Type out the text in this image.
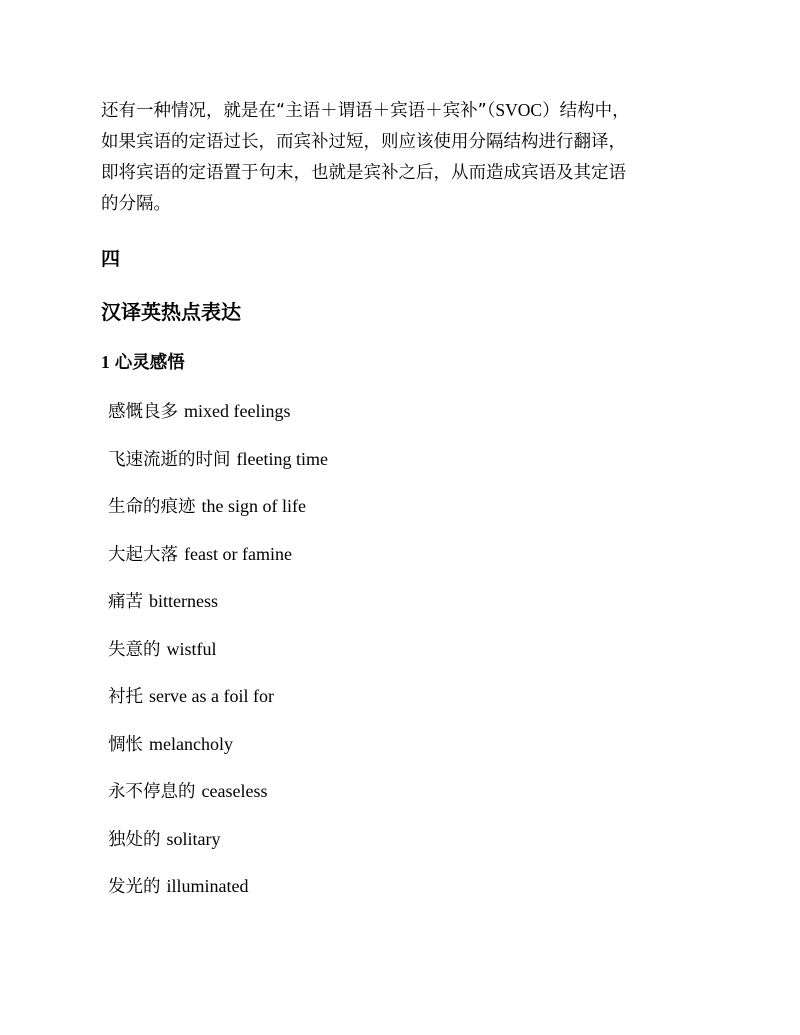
还有一种情况，就是在“主语＋谓语＋宾语＋宾补”（SVOC）结构中，

如果宾语的定语过长，而宾补过短，则应该使用分隔结构进行翻译，

即将宾语的定语置于句末，也就是宾补之后，从而造成宾语及其定语

的分隔。

四
汉译英热点表达
1 心灵感悟
感慨良多 mixed feelings
飞速流逝的时间 fleeting time
生命的痕迹 the sign of life
大起大落 feast or famine
痛苦 bitterness
失意的 wistful
衬托 serve as a foil for
惆怅 melancholy
永不停息的 ceaseless
独处的 solitary
发光的 illuminated
